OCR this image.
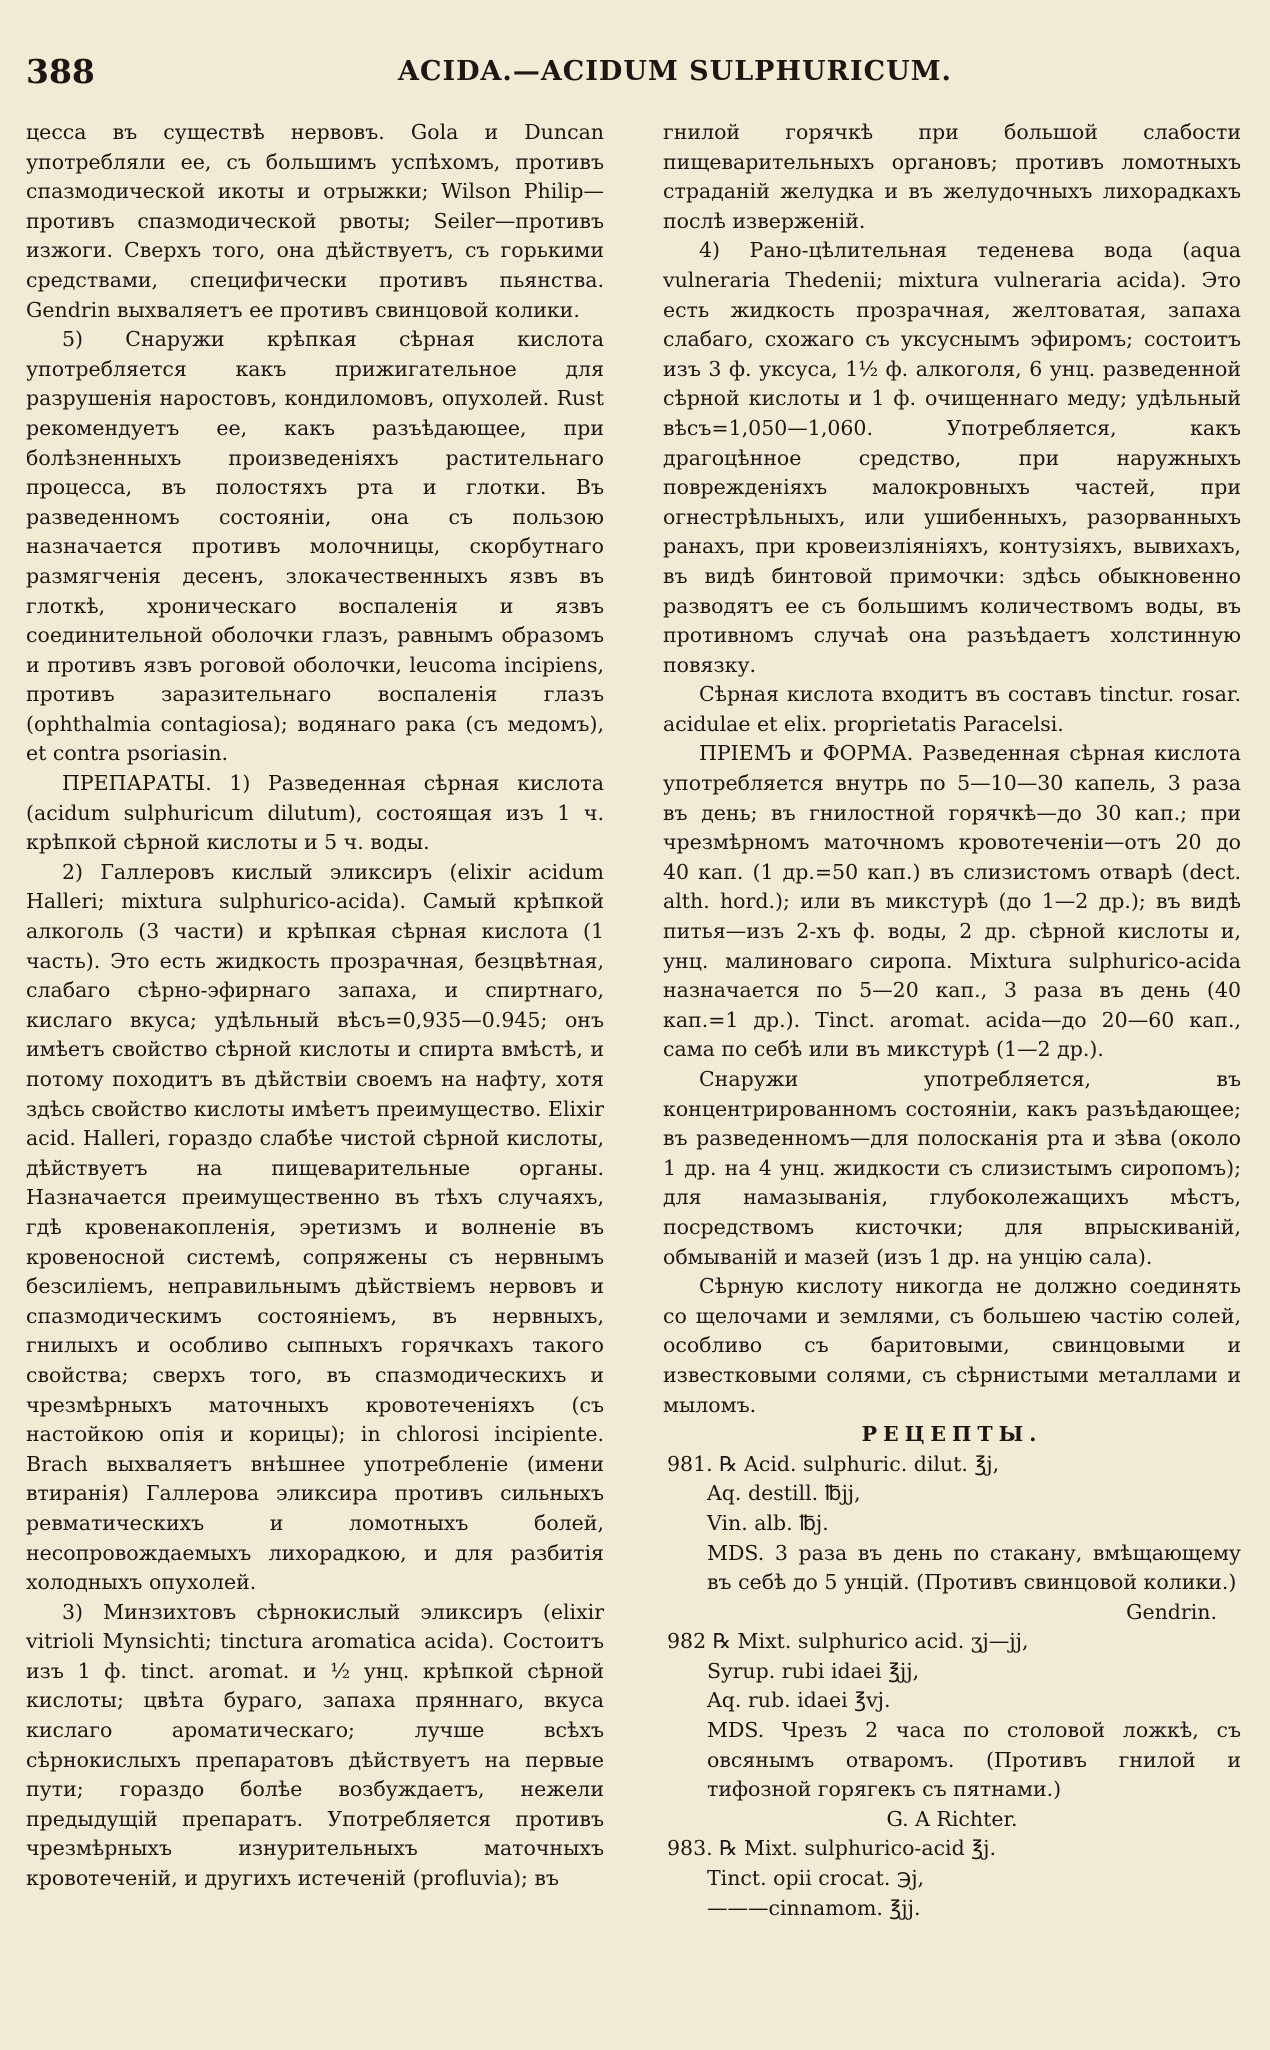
388	ACIDA.—ACIDUM SULPHURICUM.

цесса въ существѣ нервовъ. Gola и Duncan употребляли ее, съ большимъ успѣхомъ, противъ спазмодической икоты и отрыжки; Wilson Philip—противъ спазмодической рвоты; Seiler—противъ изжоги. Сверхъ того, она дѣйствуетъ, съ горькими средствами, специфически противъ пьянства. Gendrin выхваляетъ ее противъ свинцовой колики.

5) Снаружи крѣпкая сѣрная кислота употребляется какъ прижигательное для разрушенія наростовъ, кондиломовъ, опухолей. Rust рекомендуетъ ее, какъ разъѣдающее, при болѣзненныхъ произведеніяхъ растительнаго процесса, въ полостяхъ рта и глотки. Въ разведенномъ состояніи, она съ пользою назначается противъ молочницы, скорбутнаго размягченія десенъ, злокачественныхъ язвъ въ глоткѣ, хроническаго воспаленія и язвъ соединительной оболочки глазъ, равнымъ образомъ и противъ язвъ роговой оболочки, leucoma incipiens, противъ заразительнаго воспаленія глазъ (ophthalmia contagiosa); водянаго рака (съ медомъ), et contra psoriasin.

ПРЕПАРАТЫ. 1) Разведенная сѣрная кислота (acidum sulphuricum dilutum), состоящая изъ 1 ч. крѣпкой сѣрной кислоты и 5 ч. воды.

2) Галлеровъ кислый эликсиръ (elixir acidum Halleri; mixtura sulphurico-acida). Самый крѣпкой алкоголь (3 части) и крѣпкая сѣрная кислота (1 часть). Это есть жидкость прозрачная, безцвѣтная, слабаго сѣрно-эфирнаго запаха, и спиртнаго, кислаго вкуса; удѣльный вѣсъ=0,935—0.945; онъ имѣетъ свойство сѣрной кислоты и спирта вмѣстѣ, и потому походитъ въ дѣйствіи своемъ на нафту, хотя здѣсь свойство кислоты имѣетъ преимущество. Elixir acid. Halleri, гораздо слабѣе чистой сѣрной кислоты, дѣйствуетъ на пищеварительные органы. Назначается преимущественно въ тѣхъ случаяхъ, гдѣ кровенакопленія, эретизмъ и волненіе въ кровеносной системѣ, сопряжены съ нервнымъ безсиліемъ, неправильнымъ дѣйствіемъ нервовъ и спазмодическимъ состояніемъ, въ нервныхъ, гнилыхъ и особливо сыпныхъ горячкахъ такого свойства; сверхъ того, въ спазмодическихъ и чрезмѣрныхъ маточныхъ кровотеченіяхъ (съ настойкою опія и корицы); in chlorosi incipiente. Brach выхваляетъ внѣшнее употребленіе (имени втиранія) Галлерова эликсира противъ сильныхъ ревматическихъ и ломотныхъ болей, несопровождаемыхъ лихорадкою, и для разбитія холодныхъ опухолей.

3) Минзихтовъ сѣрнокислый эликсиръ (elixir vitrioli Mynsichti; tinctura aromatica acida). Состоитъ изъ 1 ф. tinct. aromat. и ½ унц. крѣпкой сѣрной кислоты; цвѣта бураго, запаха пряннаго, вкуса кислаго ароматическаго; лучше всѣхъ сѣрнокислыхъ препаратовъ дѣйствуетъ на первые пути; гораздо болѣе возбуждаетъ, нежели предыдущій препаратъ. Употребляется противъ чрезмѣрныхъ изнурительныхъ маточныхъ кровотеченій, и другихъ истеченій (profluvia); въ

гнилой горячкѣ при большой слабости пищеварительныхъ органовъ; противъ ломотныхъ страданій желудка и въ желудочныхъ лихорадкахъ послѣ изверженій.

4) Рано-цѣлительная теденева вода (aqua vulneraria Thedenii; mixtura vulneraria acida). Это есть жидкость прозрачная, желтоватая, запаха слабаго, схожаго съ уксуснымъ эфиромъ; состоитъ изъ 3 ф. уксуса, 1½ ф. алкоголя, 6 унц. разведенной сѣрной кислоты и 1 ф. очищеннаго меду; удѣльный вѣсъ=1,050—1,060. Употребляется, какъ драгоцѣнное средство, при наружныхъ поврежденіяхъ малокровныхъ частей, при огнестрѣльныхъ, или ушибенныхъ, разорванныхъ ранахъ, при кровеизліяніяхъ, контузіяхъ, вывихахъ, въ видѣ бинтовой примочки: здѣсь обыкновенно разводятъ ее съ большимъ количествомъ воды, въ противномъ случаѣ она разъѣдаетъ холстинную повязку.

Сѣрная кислота входитъ въ составъ tinctur. rosar. acidulae et elix. proprietatis Paracelsi.

ПРІЕМЪ и ФОРМА. Разведенная сѣрная кислота употребляется внутрь по 5—10—30 капель, 3 раза въ день; въ гнилостной горячкѣ—до 30 кап.; при чрезмѣрномъ маточномъ кровотеченіи—отъ 20 до 40 кап. (1 др.=50 кап.) въ слизистомъ отварѣ (dect. alth. hord.); или въ микстурѣ (до 1—2 др.); въ видѣ питья—изъ 2-хъ ф. воды, 2 др. сѣрной кислоты и, унц. малиноваго сиропа. Mixtura sulphurico-acida назначается по 5—20 кап., 3 раза въ день (40 кап.=1 др.). Tinct. aromat. acida—до 20—60 кап., сама по себѣ или въ микстурѣ (1—2 др.).

Снаружи употребляется, въ концентрированномъ состояніи, какъ разъѣдающее; въ разведенномъ—для полосканія рта и зѣва (около 1 др. на 4 унц. жидкости съ слизистымъ сиропомъ); для намазыванія, глубоколежащихъ мѣстъ, посредствомъ кисточки; для впрыскиваній, обмываній и мазей (изъ 1 др. на унцію сала).

Сѣрную кислоту никогда не должно соединять со щелочами и землями, съ большею частію солей, особливо съ баритовыми, свинцовыми и известковыми солями, съ сѣрнистыми металлами и мыломъ.

РЕЦЕПТЫ.

981. ℞ Acid. sulphuric. dilut. ℥j,
Aq. destill. ℔jj,
Vin. alb. ℔j.
MDS. 3 раза въ день по стакану, вмѣщающему въ себѣ до 5 унцій. (Противъ свинцовой колики.)
Gendrin.
982 ℞ Mixt. sulphurico acid. ʒj—jj,
Syrup. rubi idaei ℥jj,
Aq. rub. idaei ℥vj.
MDS. Чрезъ 2 часа по столовой ложкѣ, съ овсянымъ отваромъ. (Противъ гнилой и тифозной горягекъ съ пятнами.)
G. A Richter.
983. ℞ Mixt. sulphurico-acid ℥j.
Tinct. opii crocat. ℈j,
———cinnamom. ℥jj.
